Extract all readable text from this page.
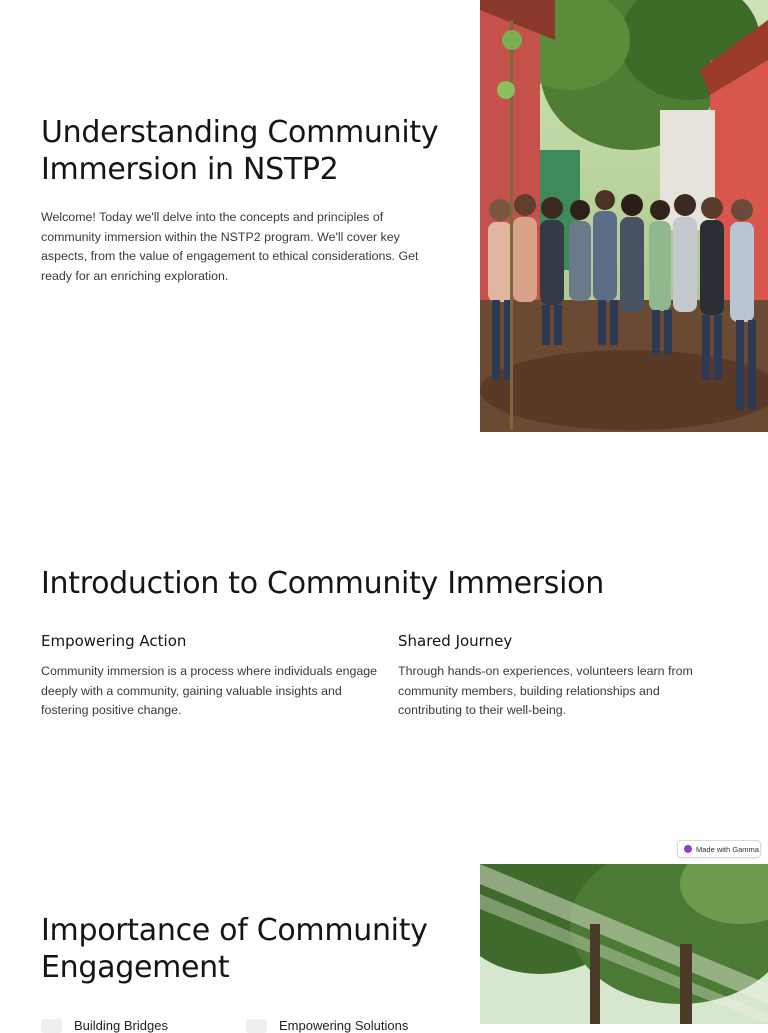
Understanding Community
Immersion in NSTP2
Welcome! Today we'll delve into the concepts and principles of community immersion within the NSTP2 program. We'll cover key aspects, from the value of engagement to ethical considerations. Get ready for an enriching exploration.
Introduction to Community Immersion
Empowering Action

Community immersion is a process where individuals engage deeply with a community, gaining valuable insights and fostering positive change.

Shared Journey

Through hands-on experiences, volunteers learn from community members, building relationships and contributing to their well-being.

Made with Gamma
Importance of Community
Engagement
Building Bridges	Empowering Solutions
